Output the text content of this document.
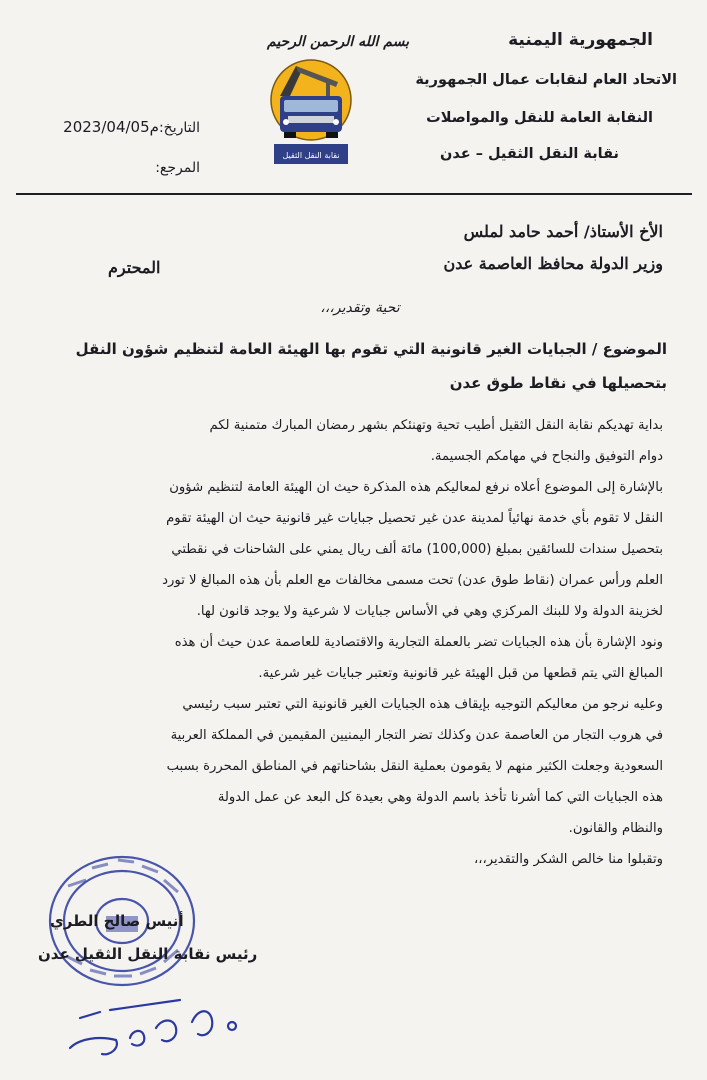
الجمهورية اليمنية
الاتحاد العام لنقابات عمال الجمهورية
النقابة العامة للنقل والمواصلات
نقابة النقل الثقيل – عدن
بسم الله الرحمن الرحيم
نقابة النقل الثقيل
التاريخ:2023/04/05م
المرجع:
الأخ الأستاذ/ أحمد حامد لملس
وزير الدولة محافظ العاصمة عدن
المحترم
تحية وتقدير،،،
الموضوع / الجبايات الغير قانونية التي تقوم بها الهيئة العامة لتنظيم شؤون النقل
بتحصيلها في نقاط طوق عدن
بداية تهديكم نقابة النقل الثقيل أطيب تحية وتهنئكم بشهر رمضان المبارك متمنية لكم
دوام التوفيق والنجاح في مهامكم الجسيمة.
بالإشارة إلى الموضوع أعلاه نرفع لمعاليكم هذه المذكرة حيث ان الهيئة العامة لتنظيم شؤون
النقل لا تقوم بأي خدمة نهائياً لمدينة عدن غير تحصيل جبايات غير قانونية حيث ان الهيئة تقوم
بتحصيل سندات للسائقين بمبلغ (100,000) مائة ألف ريال يمني على الشاحنات في نقطتي
العلم ورأس عمران (نقاط طوق عدن) تحت مسمى مخالفات مع العلم بأن هذه المبالغ لا تورد
لخزينة الدولة ولا للبنك المركزي وهي في الأساس جبايات لا شرعية ولا يوجد قانون لها.
ونود الإشارة بأن هذه الجبايات تضر بالعملة التجارية والاقتصادية للعاصمة عدن حيث أن هذه
المبالغ التي يتم قطعها من قبل الهيئة غير قانونية وتعتبر جبايات غير شرعية.
وعليه نرجو من معاليكم التوجيه بإيقاف هذه الجبايات الغير قانونية التي تعتبر سبب رئيسي
في هروب التجار من العاصمة عدن وكذلك تضر التجار اليمنيين المقيمين في المملكة العربية
السعودية وجعلت الكثير منهم لا يقومون بعملية النقل بشاحناتهم في المناطق المحررة بسبب
هذه الجبايات التي كما أشرنا تأخذ باسم الدولة وهي بعيدة كل البعد عن عمل الدولة
والنظام والقانون.
وتقبلوا منا خالص الشكر والتقدير،،،
أنيس صالح الطري
رئيس نقابة النقل الثقيل عدن
